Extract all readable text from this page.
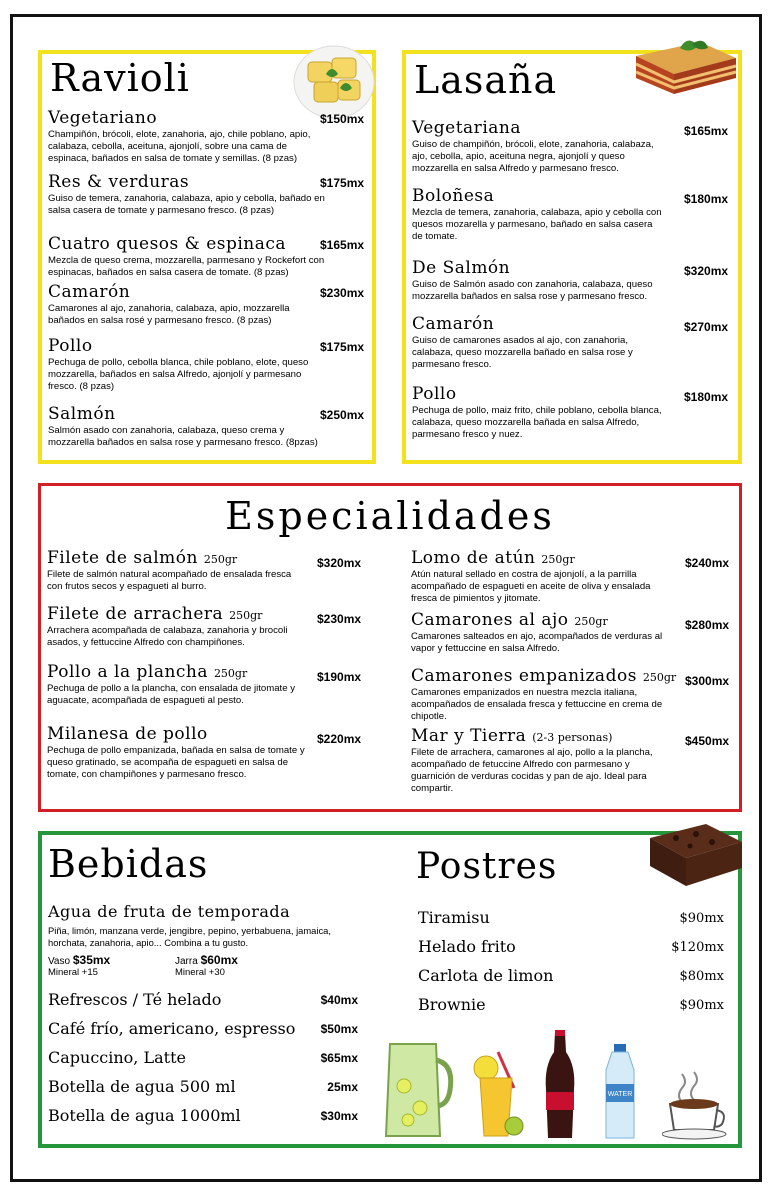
Ravioli
Vegetariano
Champiñón, brócoli, elote, zanahoria, ajo, chile poblano, apio, calabaza, cebolla, aceituna, ajonjolí, sobre una cama de espinaca, bañados en salsa de tomate y semillas. (8 pzas)
$150mx
Res & verduras
Guiso de temera, zanahoria, calabaza, apio y cebolla, bañado en salsa casera de tomate y parmesano fresco. (8 pzas)
$175mx
Cuatro quesos & espinaca
Mezcla de queso crema, mozzarella, parmesano y Rockefort con espinacas, bañados en salsa casera de tomate. (8 pzas)
$165mx
Camarón
Camarones al ajo, zanahoria, calabaza, apio, mozzarella bañados en salsa rosé y parmesano fresco. (8 pzas)
$230mx
Pollo
Pechuga de pollo, cebolla blanca, chile poblano, elote, queso mozzarella, bañados en salsa Alfredo, ajonjolí y parmesano fresco. (8 pzas)
$175mx
Salmón
Salmón asado con zanahoria, calabaza, queso crema y mozzarella bañados en salsa rose y parmesano fresco. (8pzas)
$250mx
Lasaña
Vegetariana
Guiso de champiñón, brócoli, elote, zanahoria, calabaza, ajo, cebolla, apio, aceituna negra, ajonjolí y queso mozzarella en salsa Alfredo y parmesano fresco.
$165mx
Boloñesa
Mezcla de temera, zanahoria, calabaza, apio y cebolla con quesos mozarella y parmesano, bañado en salsa casera de tomate.
$180mx
De Salmón
Guiso de Salmón asado con zanahoria, calabaza, queso mozzarella bañados en salsa rose y parmesano fresco.
$320mx
Camarón
Guiso de camarones asados al ajo, con zanahoria, calabaza, queso mozzarella bañado en salsa rose y parmesano fresco.
$270mx
Pollo
Pechuga de pollo, maiz frito, chile poblano, cebolla blanca, calabaza, queso mozzarella bañada en salsa Alfredo, parmesano fresco y nuez.
$180mx
Especialidades
Filete de salmón 250gr
Filete de salmón natural acompañado de ensalada fresca con frutos secos y espagueti al burro.
$320mx
Filete de arrachera 250gr
Arrachera acompañada de calabaza, zanahoria y brocoli asados, y fettuccine Alfredo con champiñones.
$230mx
Pollo a la plancha 250gr
Pechuga de pollo a la plancha, con ensalada de jitomate y aguacate, acompañada de espagueti al pesto.
$190mx
Milanesa de pollo
Pechuga de pollo empanizada, bañada en salsa de tomate y queso gratinado, se acompaña de espagueti en salsa de tomate, con champiñones y parmesano fresco.
$220mx
Lomo de atún 250gr
Atún natural sellado en costra de ajonjolí, a la parrilla acompañado de espagueti en aceite de oliva y ensalada fresca de pimientos y jitomate.
$240mx
Camarones al ajo 250gr
Camarones salteados en ajo, acompañados de verduras al vapor y fettuccine en salsa Alfredo.
$280mx
Camarones empanizados 250gr
Camarones empanizados en nuestra mezcla italiana, acompañados de ensalada fresca y fettuccine en crema de chipotle.
$300mx
Mar y Tierra (2-3 personas)
Filete de arrachera, camarones al ajo, pollo a la plancha, acompañado de fetuccine Alfredo con parmesano y guarnición de verduras cocidas y pan de ajo. Ideal para compartir.
$450mx
Bebidas	Postres
Agua de fruta de temporada
Piña, limón, manzana verde, jengibre, pepino, yerbabuena, jamaica, horchata, zanahoria, apio... Combina a tu gusto.
Vaso $35mx
Mineral +15
Jarra $60mx
Mineral +30
Refrescos / Té helado	$40mx
Café frío, americano, espresso	$50mx
Capuccino, Latte	$65mx
Botella de agua 500 ml	25mx
Botella de agua 1000ml	$30mx
Tiramisu	$90mx
Helado frito	$120mx
Carlota de limon	$80mx
Brownie	$90mx
WATER
